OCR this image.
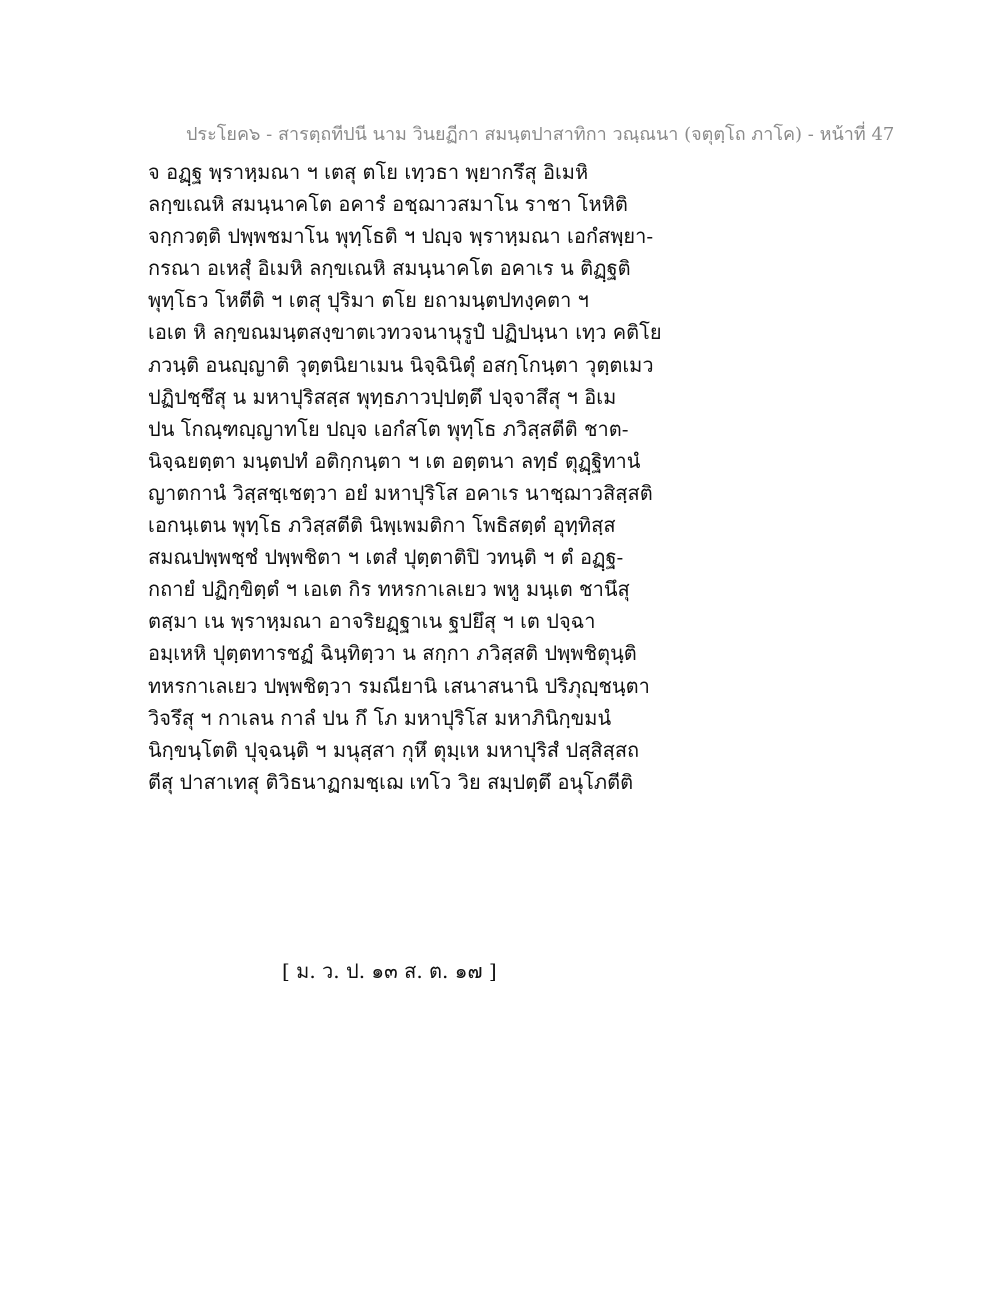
ประโยค๖ - สารตฺถทีปนี นาม วินยฏีกา สมนฺตปาสาทิกา วณฺณนา (จตุตฺโถ ภาโค) - หน้าที่ 47
จ อฏฺฐ พฺราหฺมณา ฯ เตสุ ตโย เทฺวธา พฺยากรึสุ อิเมหิ
ลกฺขเณหิ สมนฺนาคโต อคารํ อชฺฌาวสมาโน ราชา โหหิติ
จกฺกวตฺติ ปพฺพชมาโน พุทฺโธติ ฯ ปญฺจ พฺราหฺมณา เอกํสพฺยา-
กรณา อเหสุํ อิเมหิ ลกฺขเณหิ สมนฺนาคโต อคาเร น ติฏฺฐติ
พุทฺโธว โหตีติ ฯ เตสุ ปุริมา ตโย ยถามนฺตปทงฺคตา ฯ
เอเต หิ ลกฺขณมนฺตสงฺขาตเวทวจนานุรูปํ ปฏิปนฺนา เทฺว คติโย
ภวนฺติ อนญฺญาติ วุตฺตนิยาเมน นิจฺฉินิตุํ อสกฺโกนฺตา วุตฺตเมว
ปฏิปชฺชึสุ น มหาปุริสสฺส พุทฺธภาวปฺปตฺตึ ปจฺจาสึสุ ฯ อิเม
ปน โกณฺฑญฺญาทโย ปญฺจ เอกํสโต พุทฺโธ ภวิสฺสตีติ ชาต-
นิจฺฉยตฺตา มนฺตปทํ อติกฺกนฺตา ฯ เต อตฺตนา ลทฺธํ ตุฏฺฐิทานํ
ญาตกานํ วิสฺสชฺเชตฺวา อยํ มหาปุริโส อคาเร นาชฺฌาวสิสฺสติ
เอกนฺเตน พุทฺโธ ภวิสฺสตีติ นิพฺเพมติกา โพธิสตฺตํ อุทฺทิสฺส
สมณปพฺพชฺชํ ปพฺพชิตา ฯ เตสํ ปุตฺตาติปิ วทนฺติ ฯ ตํ อฏฺฐ-
กถายํ ปฏิกฺขิตฺตํ ฯ เอเต กิร ทหรกาเลเยว พหู มนฺเต ชานึสุ
ตสฺมา เน พฺราหฺมณา อาจริยฏฺฐาเน ฐปยึสุ ฯ เต ปจฺฉา
อมฺเหหิ ปุตฺตทารชฏํ ฉินฺทิตฺวา น สกฺกา ภวิสฺสติ ปพฺพชิตุนฺติ
ทหรกาเลเยว ปพฺพชิตฺวา รมณียานิ เสนาสนานิ ปริภุญฺชนฺตา
วิจรึสุ ฯ กาเลน กาลํ ปน กึ โภ มหาปุริโส มหาภินิกฺขมนํ
นิกฺขนฺโตติ ปุจฺฉนฺติ ฯ มนุสฺสา กุหึ ตุมฺเห มหาปุริสํ ปสฺสิสฺสถ
ตีสุ ปาสาเทสุ ติวิธนาฏกมชฺเฌ เทโว วิย สมฺปตฺตึ อนุโภตีติ
[ ม. ว. ป. ๑๓ ส. ต. ๑๗ ]
